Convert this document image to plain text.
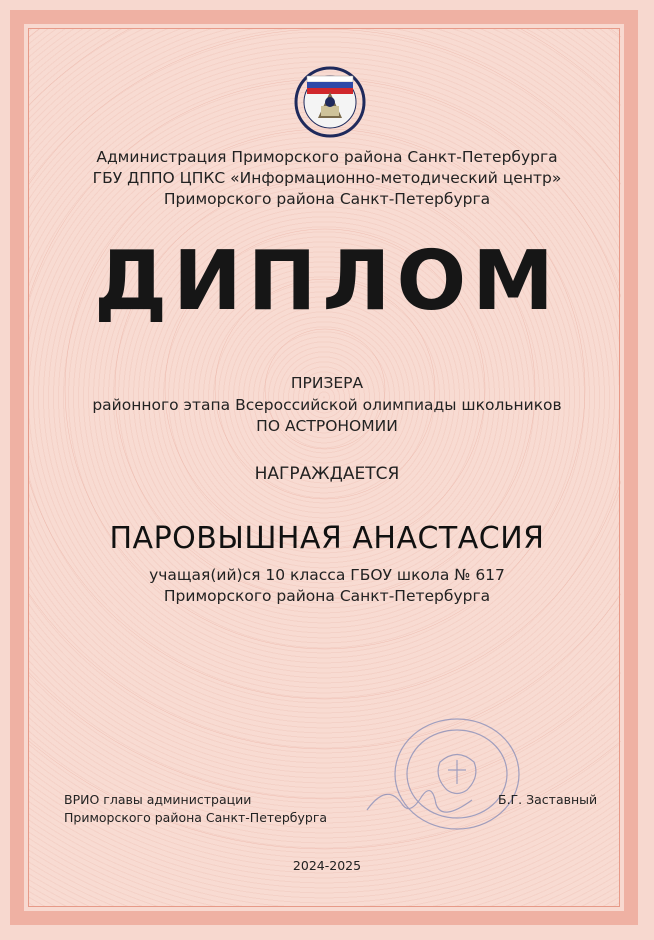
Администрация Приморского района Санкт-Петербурга
ГБУ ДППО ЦПКС «Информационно-методический центр»
Приморского района Санкт-Петербурга
ДИПЛОМ
ПРИЗЕРА
районного этапа Всероссийской олимпиады школьников
ПО АСТРОНОМИИ
НАГРАЖДАЕТСЯ
ПАРОВЫШНАЯ АНАСТАСИЯ
учащая(ий)ся 10 класса ГБОУ школа № 617
Приморского района Санкт-Петербурга
ВРИО главы администрации
Приморского района Санкт-Петербурга
Б.Г. Заставный
2024-2025
